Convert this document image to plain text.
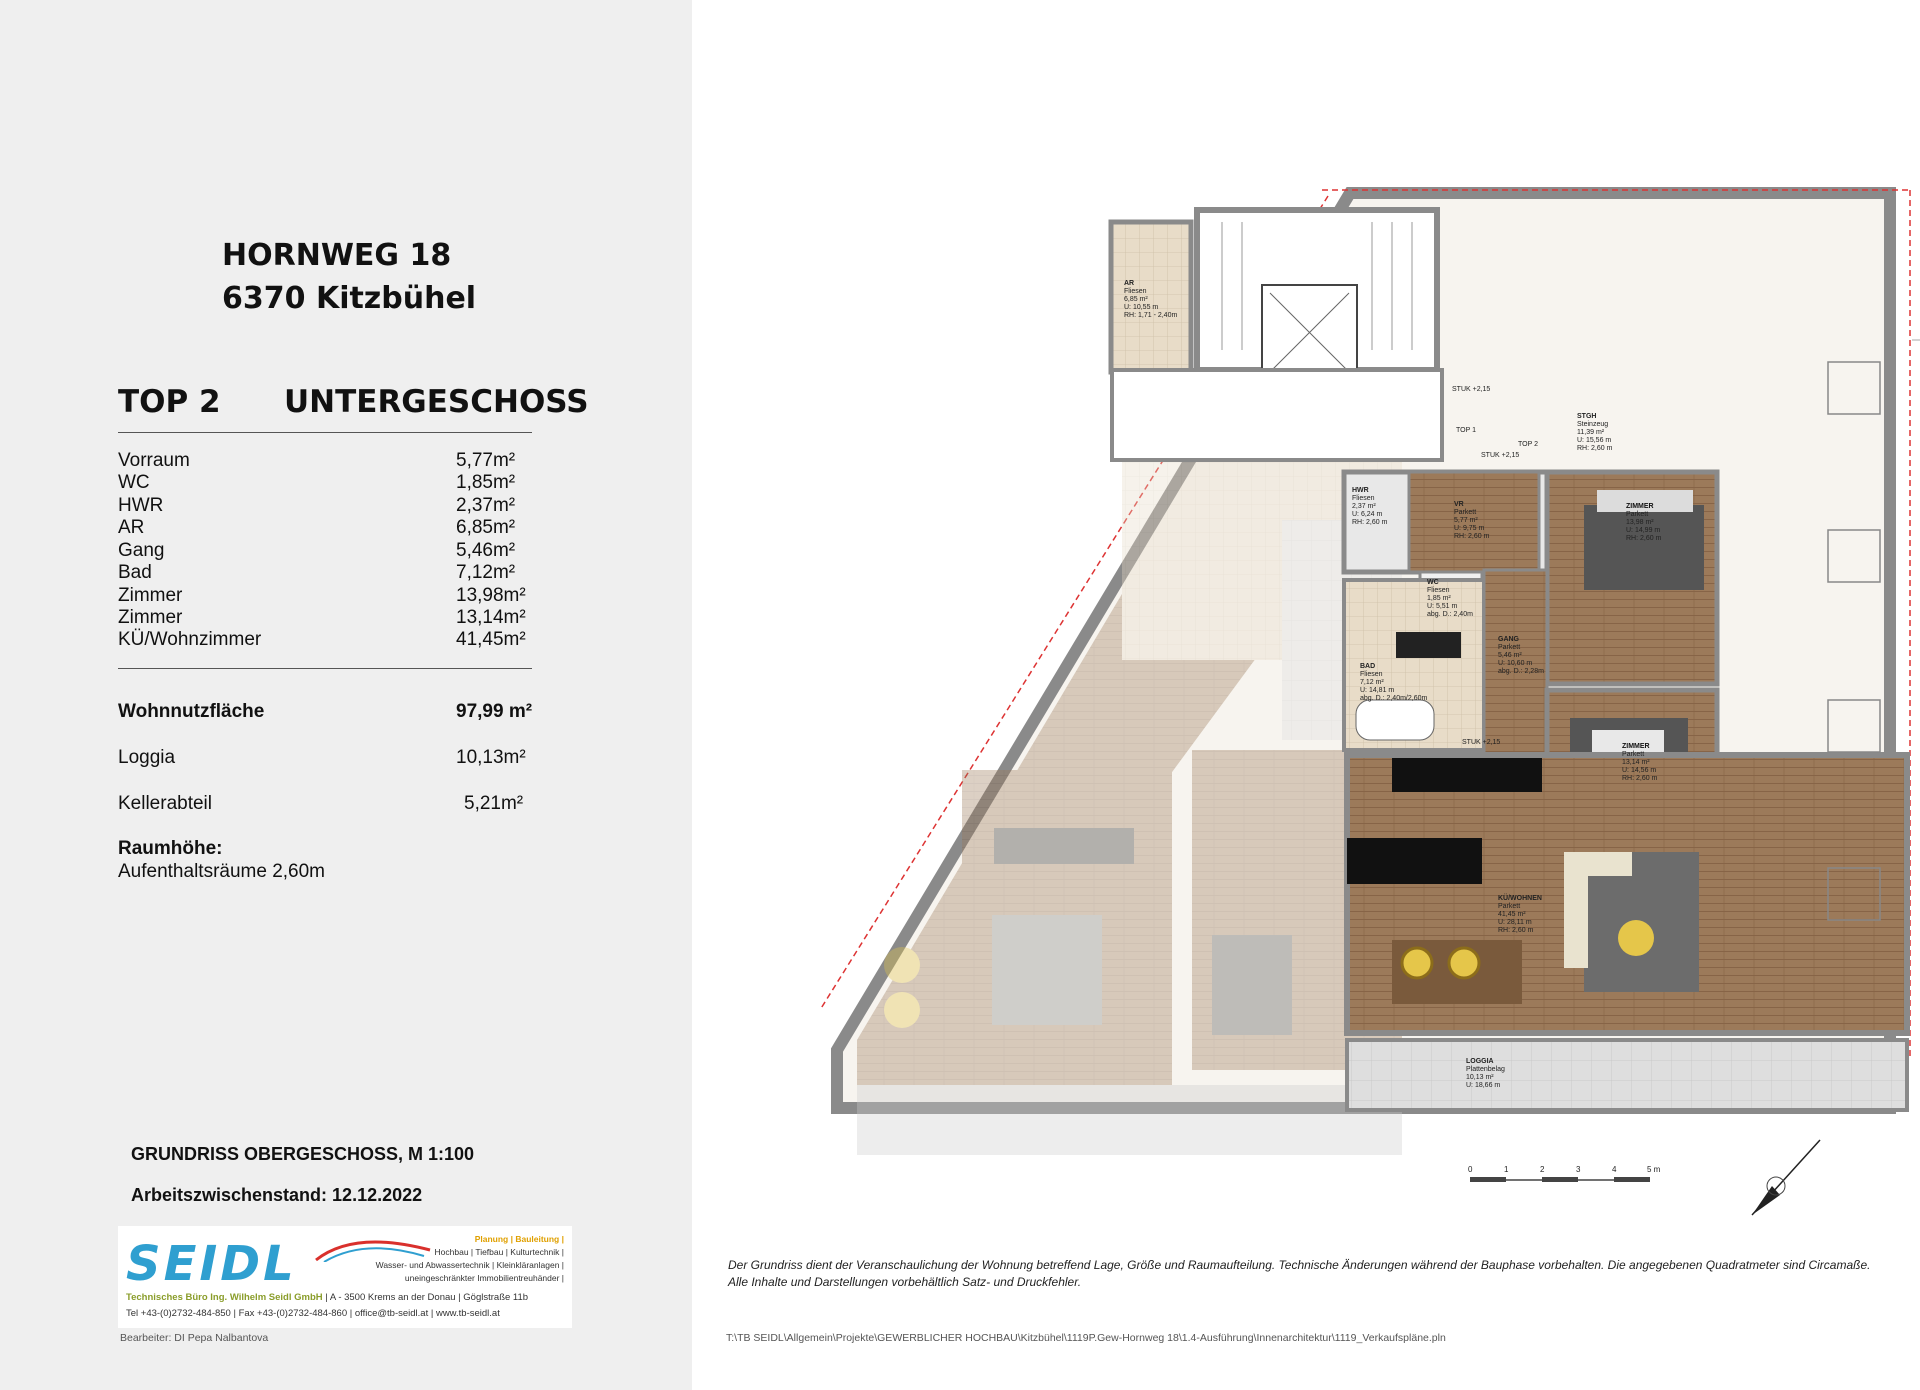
HORNWEG 18
6370 Kitzbühel
TOP 2 UNTERGESCHOSS
Vorraum	5,77m²
WC	1,85m²
HWR	2,37m²
AR	6,85m²
Gang	5,46m²
Bad	7,12m²
Zimmer	13,98m²
Zimmer	13,14m²
KÜ/Wohnzimmer	41,45m²
Wohnnutzfläche	97,99 m²
Loggia	10,13m²
Kellerabteil	5,21m²
Raumhöhe:
Aufenthaltsräume 2,60m
GRUNDRISS OBERGESCHOSS, M 1:100
Arbeitszwischenstand: 12.12.2022
SEIDL	Planung | Bauleitung |
Hochbau | Tiefbau | Kulturtechnik |
Wasser- und Abwassertechnik | Kleinkläranlagen |
uneingeschränkter Immobilientreuhänder |
Technisches Büro Ing. Wilhelm Seidl GmbH | A - 3500 Krems an der Donau | Göglstraße 11b
Tel +43-(0)2732-484-850 | Fax +43-(0)2732-484-860 | office@tb-seidl.at | www.tb-seidl.at
Bearbeiter: DI Pepa Nalbantova
AR
Fliesen
6,85 m²
U: 10,55 m
RH: 1,71 - 2,40m
STGH
Steinzeug
11,39 m²
U: 15,56 m
RH: 2,60 m
HWR
Fliesen
2,37 m²
U: 6,24 m
RH: 2,60 m
VR
Parkett
5,77 m²
U: 9,75 m
RH: 2,60 m
ZIMMER
Parkett
13,98 m²
U: 14,99 m
RH: 2,60 m
WC
Fliesen
1,85 m²
U: 5,51 m
abg. D.: 2,40m
GANG
Parkett
5,46 m²
U: 10,60 m
abg. D.: 2,28m
BAD
Fliesen
7,12 m²
U: 14,81 m
abg. D.: 2,40m/2,60m
ZIMMER
Parkett
13,14 m²
U: 14,56 m
RH: 2,60 m
KÜ/WOHNEN
Parkett
41,45 m²
U: 28,11 m
RH: 2,60 m
LOGGIA
Plattenbelag
10,13 m²
U: 18,66 m
STUK +2,15
STUK +2,15
STUK +2,15
TOP 1
TOP 2
0	1	2	3	4	5 m
Der Grundriss dient der Veranschaulichung der Wohnung betreffend Lage, Größe und Raumaufteilung. Technische Änderungen während der Bauphase vorbehalten. Die angegebenen Quadratmeter sind Circamaße. Alle Inhalte und Darstellungen vorbehältlich Satz- und Druckfehler.
T:\TB SEIDL\Allgemein\Projekte\GEWERBLICHER HOCHBAU\Kitzbühel\1119P.Gew-Hornweg 18\1.4-Ausführung\Innenarchitektur\1119_Verkaufspläne.pln
